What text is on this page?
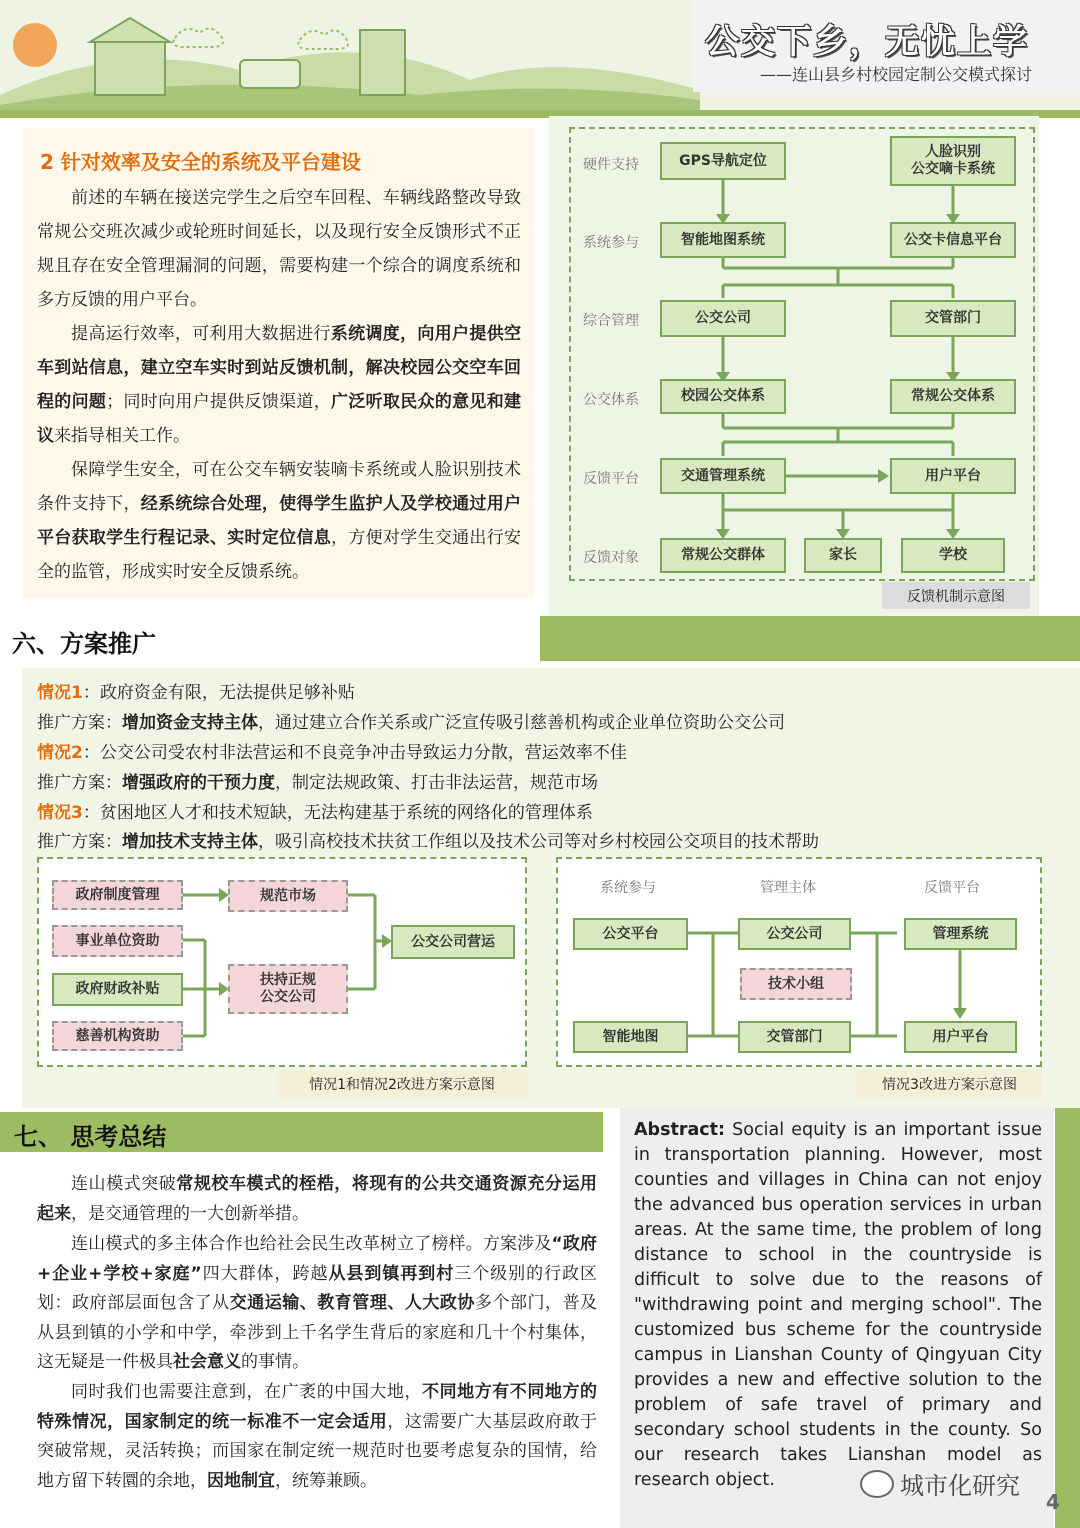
公交下乡，无忧上学
——连山县乡村校园定制公交模式探讨
2 针对效率及安全的系统及平台建设
前述的车辆在接送完学生之后空车回程、车辆线路整改导致常规公交班次减少或轮班时间延长，以及现行安全反馈形式不正规且存在安全管理漏洞的问题，需要构建一个综合的调度系统和多方反馈的用户平台。
提高运行效率，可利用大数据进行系统调度，向用户提供空车到站信息，建立空车实时到站反馈机制，解决校园公交空车回程的问题；同时向用户提供反馈渠道，广泛听取民众的意见和建议来指导相关工作。
保障学生安全，可在公交车辆安装嘀卡系统或人脸识别技术条件支持下，经系统综合处理，使得学生监护人及学校通过用户平台获取学生行程记录、实时定位信息，方便对学生交通出行安全的监管，形成实时安全反馈系统。
硬件支持
系统参与
综合管理
公交体系
反馈平台
反馈对象
GPS导航定位
人脸识别
公交嘀卡系统
智能地图系统	公交卡信息平台
公交公司	交管部门
校园公交体系	常规公交体系
交通管理系统	用户平台
常规公交群体	家长	学校
反馈机制示意图
六、方案推广
情况1：政府资金有限，无法提供足够补贴
推广方案：增加资金支持主体，通过建立合作关系或广泛宣传吸引慈善机构或企业单位资助公交公司
情况2：公交公司受农村非法营运和不良竞争冲击导致运力分散，营运效率不佳
推广方案：增强政府的干预力度，制定法规政策、打击非法运营，规范市场
情况3：贫困地区人才和技术短缺，无法构建基于系统的网络化的管理体系
推广方案：增加技术支持主体，吸引高校技术扶贫工作组以及技术公司等对乡村校园公交项目的技术帮助
政府制度管理	规范市场
事业单位资助
政府财政补贴
扶持正规
公交公司
慈善机构资助
公交公司营运
情况1和情况2改进方案示意图
系统参与	管理主体	反馈平台
公交平台	公交公司	管理系统
技术小组
智能地图	交管部门	用户平台
情况3改进方案示意图
七、 思考总结
连山模式突破常规校车模式的桎梏，将现有的公共交通资源充分运用起来，是交通管理的一大创新举措。
连山模式的多主体合作也给社会民生改革树立了榜样。方案涉及“政府+企业+学校+家庭”四大群体，跨越从县到镇再到村三个级别的行政区划：政府部层面包含了从交通运输、教育管理、人大政协多个部门，普及从县到镇的小学和中学，牵涉到上千名学生背后的家庭和几十个村集体，这无疑是一件极具社会意义的事情。
同时我们也需要注意到，在广袤的中国大地，不同地方有不同地方的特殊情况，国家制定的统一标准不一定会适用，这需要广大基层政府敢于突破常规，灵活转换；而国家在制定统一规范时也要考虑复杂的国情，给地方留下转圜的余地，因地制宜，统筹兼顾。
Abstract: Social equity is an important issue in transportation planning. However, most counties and villages in China can not enjoy the advanced bus operation services in urban areas. At the same time, the problem of long distance to school in the countryside is difficult to solve due to the reasons of "withdrawing point and merging school". The customized bus scheme for the countryside campus in Lianshan County of Qingyuan City provides a new and effective solution to the problem of safe travel of primary and secondary school students in the county. So our research takes Lianshan model as research object.	城市化研究
4
